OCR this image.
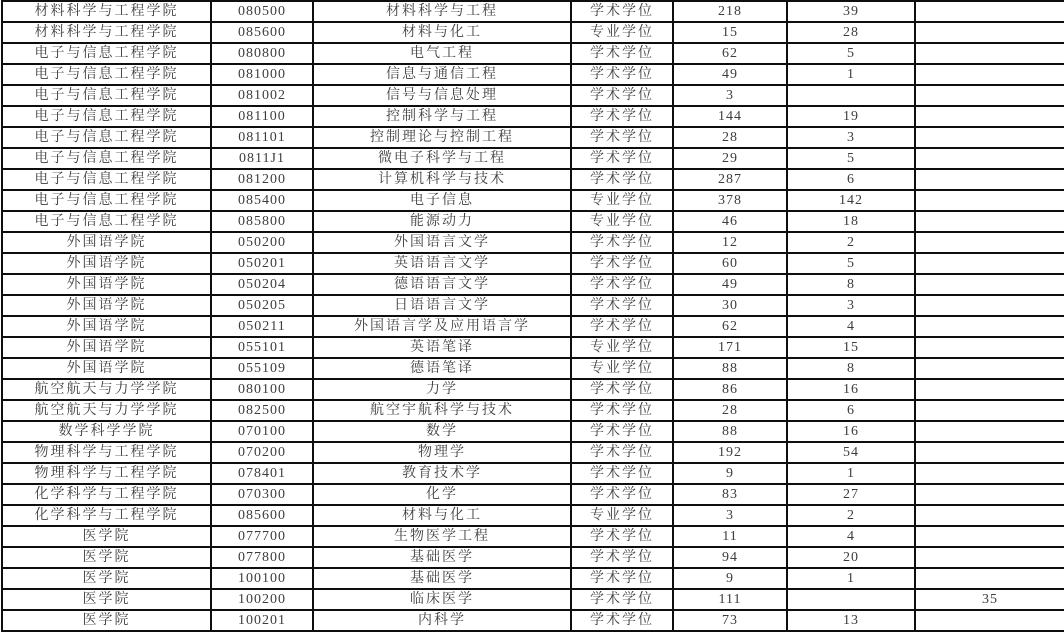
材料科学与工程学院	080500	材料科学与工程	学术学位	218	39	
材料科学与工程学院	085600	材料与化工	专业学位	15	28	
电子与信息工程学院	080800	电气工程	学术学位	62	5	
电子与信息工程学院	081000	信息与通信工程	学术学位	49	1	
电子与信息工程学院	081002	信号与信息处理	学术学位	3		
电子与信息工程学院	081100	控制科学与工程	学术学位	144	19	
电子与信息工程学院	081101	控制理论与控制工程	学术学位	28	3	
电子与信息工程学院	0811J1	微电子科学与工程	学术学位	29	5	
电子与信息工程学院	081200	计算机科学与技术	学术学位	287	6	
电子与信息工程学院	085400	电子信息	专业学位	378	142	
电子与信息工程学院	085800	能源动力	专业学位	46	18	
外国语学院	050200	外国语言文学	学术学位	12	2	
外国语学院	050201	英语语言文学	学术学位	60	5	
外国语学院	050204	德语语言文学	学术学位	49	8	
外国语学院	050205	日语语言文学	学术学位	30	3	
外国语学院	050211	外国语言学及应用语言学	学术学位	62	4	
外国语学院	055101	英语笔译	专业学位	171	15	
外国语学院	055109	德语笔译	专业学位	88	8	
航空航天与力学学院	080100	力学	学术学位	86	16	
航空航天与力学学院	082500	航空宇航科学与技术	学术学位	28	6	
数学科学学院	070100	数学	学术学位	88	16	
物理科学与工程学院	070200	物理学	学术学位	192	54	
物理科学与工程学院	078401	教育技术学	学术学位	9	1	
化学科学与工程学院	070300	化学	学术学位	83	27	
化学科学与工程学院	085600	材料与化工	专业学位	3	2	
医学院	077700	生物医学工程	学术学位	11	4	
医学院	077800	基础医学	学术学位	94	20	
医学院	100100	基础医学	学术学位	9	1	
医学院	100200	临床医学	学术学位	111		35
医学院	100201	内科学	学术学位	73	13	
